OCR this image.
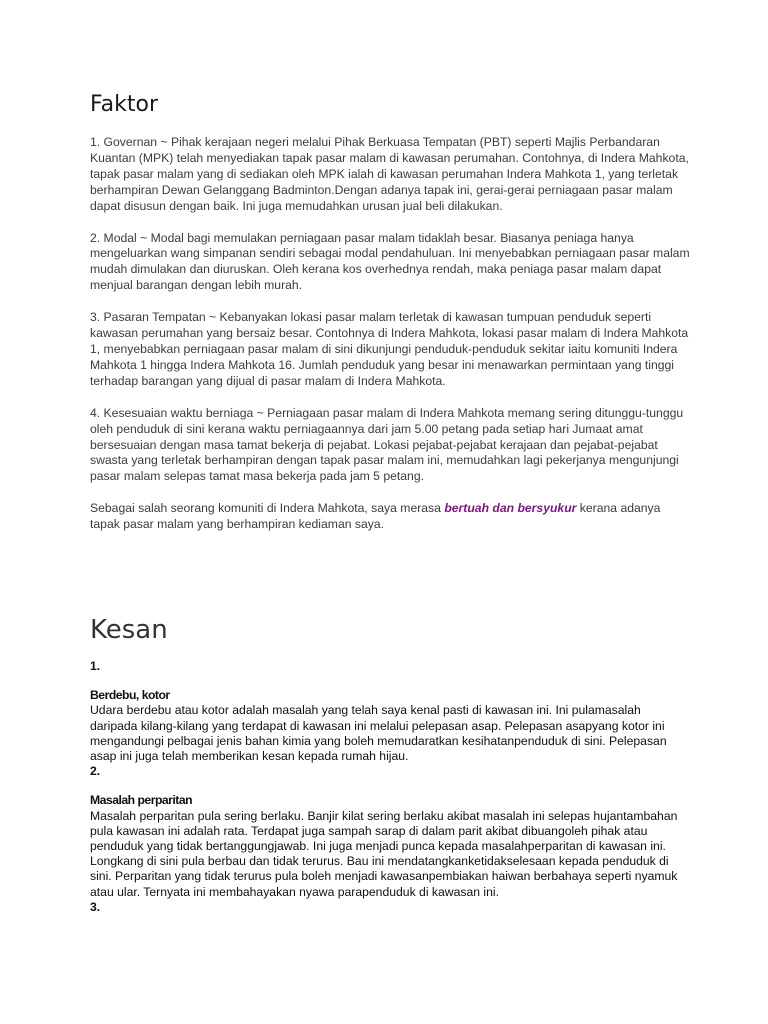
Faktor

1. Governan ~ Pihak kerajaan negeri melalui Pihak Berkuasa Tempatan (PBT) seperti Majlis Perbandaran Kuantan (MPK) telah menyediakan tapak pasar malam di kawasan perumahan. Contohnya, di Indera Mahkota, tapak pasar malam yang di sediakan oleh MPK ialah di kawasan perumahan Indera Mahkota 1, yang terletak berhampiran Dewan Gelanggang Badminton.Dengan adanya tapak ini, gerai-gerai perniagaan pasar malam dapat disusun dengan baik. Ini juga memudahkan urusan jual beli dilakukan.

2. Modal ~ Modal bagi memulakan perniagaan pasar malam tidaklah besar. Biasanya peniaga hanya mengeluarkan wang simpanan sendiri sebagai modal pendahuluan. Ini menyebabkan perniagaan pasar malam mudah dimulakan dan diuruskan. Oleh kerana kos overhednya rendah, maka peniaga pasar malam dapat menjual barangan dengan lebih murah.

3. Pasaran Tempatan ~ Kebanyakan lokasi pasar malam terletak di kawasan tumpuan penduduk seperti kawasan perumahan yang bersaiz besar. Contohnya di Indera Mahkota, lokasi pasar malam di Indera Mahkota 1, menyebabkan perniagaan pasar malam di sini dikunjungi penduduk-penduduk sekitar iaitu komuniti Indera Mahkota 1 hingga Indera Mahkota 16. Jumlah penduduk yang besar ini menawarkan permintaan yang tinggi terhadap barangan yang dijual di pasar malam di Indera Mahkota.

4. Kesesuaian waktu berniaga ~ Perniagaan pasar malam di Indera Mahkota memang sering ditunggu-tunggu oleh penduduk di sini kerana waktu perniagaannya dari jam 5.00 petang pada setiap hari Jumaat amat bersesuaian dengan masa tamat bekerja di pejabat. Lokasi pejabat-pejabat kerajaan dan pejabat-pejabat swasta yang terletak berhampiran dengan tapak pasar malam ini, memudahkan lagi pekerjanya mengunjungi pasar malam selepas tamat masa bekerja pada jam 5 petang.

Sebagai salah seorang komuniti di Indera Mahkota, saya merasa bertuah dan bersyukur kerana adanya tapak pasar malam yang berhampiran kediaman saya.

Kesan

1.

Berdebu, kotor

Udara berdebu atau kotor adalah masalah yang telah saya kenal pasti di kawasan ini. Ini pulamasalah daripada kilang-kilang yang terdapat di kawasan ini melalui pelepasan asap. Pelepasan asapyang kotor ini mengandungi pelbagai jenis bahan kimia yang boleh memudaratkan kesihatanpenduduk di sini. Pelepasan asap ini juga telah memberikan kesan kepada rumah hijau.

2.

Masalah perparitan

Masalah perparitan pula sering berlaku. Banjir kilat sering berlaku akibat masalah ini selepas hujantambahan pula kawasan ini adalah rata. Terdapat juga sampah sarap di dalam parit akibat dibuangoleh pihak atau penduduk yang tidak bertanggungjawab. Ini juga menjadi punca kepada masalahperparitan di kawasan ini. Longkang di sini pula berbau dan tidak terurus. Bau ini mendatangkanketidakselesaan kepada penduduk di sini. Perparitan yang tidak terurus pula boleh menjadi kawasanpembiakan haiwan berbahaya seperti nyamuk atau ular. Ternyata ini membahayakan nyawa parapenduduk di kawasan ini.

3.
